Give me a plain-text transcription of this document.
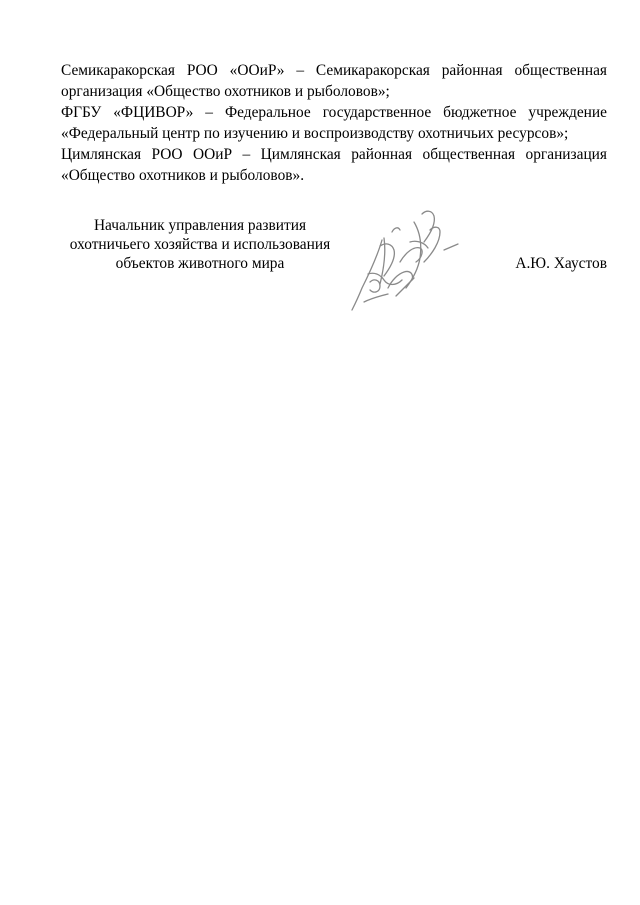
Семикаракорская РОО «ООиР» – Семикаракорская районная общественная организация «Общество охотников и рыболовов»;

ФГБУ «ФЦИВОР» – Федеральное государственное бюджетное учреждение «Федеральный центр по изучению и воспроизводству охотничьих ресурсов»;

Цимлянская РОО ООиР – Цимлянская районная общественная организация «Общество охотников и рыболовов».

Начальник управления развития
охотничьего хозяйства и использования
объектов животного мира	А.Ю. Хаустов
